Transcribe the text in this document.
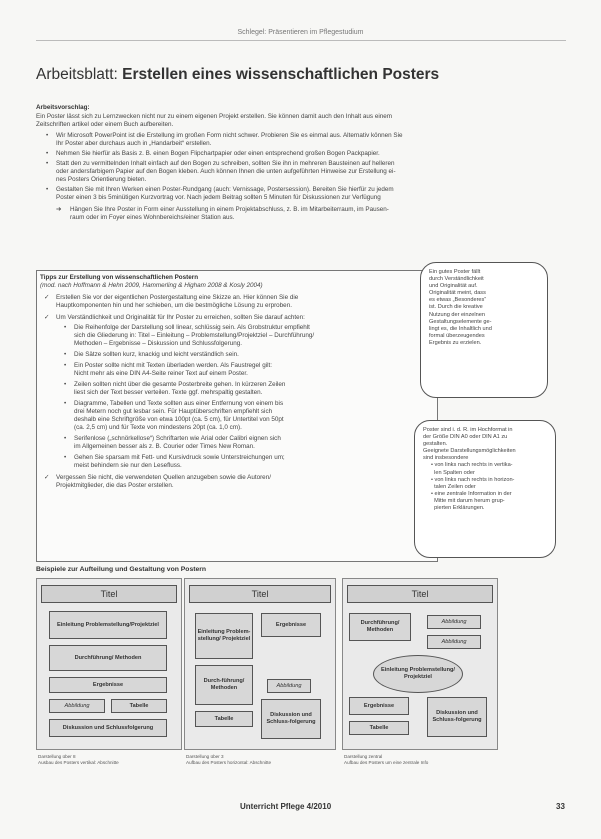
Schlegel: Präsentieren im Pflegestudium
Arbeitsblatt: Erstellen eines wissenschaftlichen Posters
Arbeitsvorschlag:
Ein Poster lässt sich zu Lernzwecken nicht nur zu einem eigenen Projekt erstellen. Sie können damit auch den Inhalt aus einem
Zeitschriften artikel oder einem Buch aufbereiten.
• Wir Microsoft PowerPoint ist die Erstellung im großen Form nicht schwer. Probieren Sie es einmal aus. Alternativ können Sie
Ihr Poster aber durchaus auch in „Handarbeit“ erstellen.
• Nehmen Sie hierfür als Basis z. B. einen Bogen Flipchartpapier oder einen entsprechend großen Bogen Packpapier.
• Statt den zu vermittelnden Inhalt einfach auf den Bogen zu schreiben, sollten Sie ihn in mehreren Bausteinen auf helleren
oder andersfarbigem Papier auf den Bogen kleben. Auch können Ihnen die unten aufgeführten Hinweise zur Erstellung ei-
nes Posters Orientierung bieten.
• Gestalten Sie mit Ihren Werken einen Poster-Rundgang (auch: Vernissage, Postersession). Bereiten Sie hierfür zu jedem
Poster einen 3 bis 5minütigen Kurzvortrag vor. Nach jedem Beitrag sollten 5 Minuten für Diskussionen zur Verfügung
➔ Hängen Sie Ihre Poster in Form einer Ausstellung in einem Projektabschluss, z. B. im Mitarbeiterraum, im Pausen-
raum oder im Foyer eines Wohnbereichs/einer Station aus.
Tipps zur Erstellung von wissenschaftlichen Postern
(mod. nach Hoffmann & Hehn 2009, Hammerling & Higham 2008 & Kosly 2004)
✓ Erstellen Sie vor der eigentlichen Postergestaltung eine Skizze an. Hier können Sie die
Hauptkomponenten hin und her schieben, um die bestmögliche Lösung zu erproben.
✓ Um Verständlichkeit und Originalität für Ihr Poster zu erreichen, sollten Sie darauf achten:
• Die Reihenfolge der Darstellung soll linear, schlüssig sein. Als Grobstruktur empfiehlt
sich die Gliederung in: Titel – Einleitung – Problemstellung/Projektziel – Durchführung/
Methoden – Ergebnisse – Diskussion und Schlussfolgerung.
• Die Sätze sollten kurz, knackig und leicht verständlich sein.
• Ein Poster sollte nicht mit Texten überladen werden. Als Faustregel gilt:
Nicht mehr als eine DIN A4-Seite reiner Text auf einem Poster.
• Zeilen sollten nicht über die gesamte Posterbreite gehen. In kürzeren Zeilen
liest sich der Text besser verteilen. Texte ggf. mehrspaltig gestalten.
• Diagramme, Tabellen und Texte sollten aus einer Entfernung von einem bis
drei Metern noch gut lesbar sein. Für Hauptüberschriften empfiehlt sich
deshalb eine Schriftgröße von etwa 100pt (ca. 5 cm), für Untertitel von 50pt
(ca. 2,5 cm) und für Texte von mindestens 20pt (ca. 1,0 cm).
• Serifenlose („schnörkellose“) Schriftarten wie Arial oder Calibri eignen sich
im Allgemeinen besser als z. B. Courier oder Times New Roman.
• Gehen Sie sparsam mit Fett- und Kursivdruck sowie Unterstreichungen um;
meist behindern sie nur den Lesefluss.
✓ Vergessen Sie nicht, die verwendeten Quellen anzugeben sowie die Autoren/
Projektmitglieder, die das Poster erstellen.
Ein gutes Poster fällt
durch Verständlichkeit
und Originalität auf.
Originalität meint, dass
es etwas „Besonderes“
ist. Durch die kreative
Nutzung der einzelnen
Gestaltungselemente ge-
lingt es, die Inhaltlich und
formal überzeugendes
Ergebnis zu erzielen.
Poster sind i. d. R. im Hochformat in
der Größe DIN A0 oder DIN A1 zu
gestalten.
Geeignete Darstellungsmöglichkeiten
sind insbesondere
• von links nach rechts in vertika-
len Spalten oder
• von links nach rechts in horizon-
talen Zeilen oder
• eine zentrale Information in der
Mitte mit darum herum grup-
pierten Erklärungen.
Beispiele zur Aufteilung und Gestaltung von Postern
Titel
Einleitung Problemstellung/Projektziel
Durchführung/ Methoden
Ergebnisse
Abbildung	Tabelle
Diskussion und Schlussfolgerung
Titel
Einleitung Problem-stellung/ Projektziel
Ergebnisse
Abbildung
Durch-führung/ Methoden
Diskussion und Schluss-folgerung
Tabelle
Titel
Durchführung/ Methoden
Abbildung
Abbildung
Einleitung Problemstellung/ Projektziel
Ergebnisse
Diskussion und Schluss-folgerung
Tabelle
Darstellung über 8
Ausbau des Posters vertikal: Abschnitte
Darstellung über 3
Aufbau des Posters horizontal: Abschnitte
Darstellung zentral
Aufbau des Posters um eine zentrale Info
Unterricht Pflege 4/2010	33
